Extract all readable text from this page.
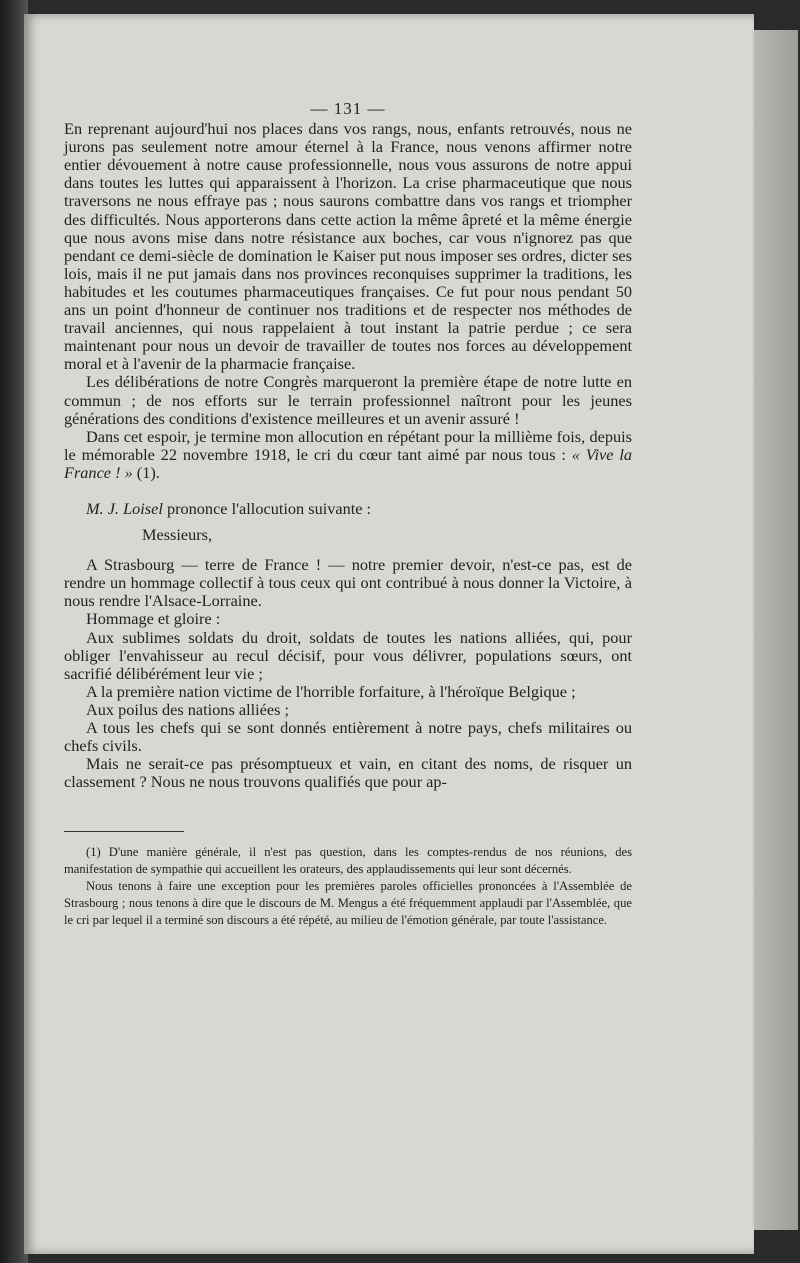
— 131 —

En reprenant aujourd'hui nos places dans vos rangs, nous, enfants retrouvés, nous ne jurons pas seulement notre amour éternel à la France, nous venons affirmer notre entier dévouement à notre cause professionnelle, nous vous assurons de notre appui dans toutes les luttes qui apparaissent à l'horizon. La crise pharmaceutique que nous traversons ne nous effraye pas ; nous saurons combattre dans vos rangs et triompher des difficultés. Nous apporterons dans cette action la même âpreté et la même énergie que nous avons mise dans notre résistance aux boches, car vous n'ignorez pas que pendant ce demi-siècle de domination le Kaiser put nous imposer ses ordres, dicter ses lois, mais il ne put jamais dans nos provinces reconquises supprimer la traditions, les habitudes et les coutumes pharmaceutiques françaises. Ce fut pour nous pendant 50 ans un point d'honneur de continuer nos traditions et de respecter nos méthodes de travail anciennes, qui nous rappelaient à tout instant la patrie perdue ; ce sera maintenant pour nous un devoir de travailler de toutes nos forces au développement moral et à l'avenir de la pharmacie française.

Les délibérations de notre Congrès marqueront la première étape de notre lutte en commun ; de nos efforts sur le terrain professionnel naîtront pour les jeunes générations des conditions d'existence meilleures et un avenir assuré !

Dans cet espoir, je termine mon allocution en répétant pour la millième fois, depuis le mémorable 22 novembre 1918, le cri du cœur tant aimé par nous tous : « Vive la France ! » (1).

M. J. Loisel prononce l'allocution suivante :

Messieurs,

A Strasbourg — terre de France ! — notre premier devoir, n'est-ce pas, est de rendre un hommage collectif à tous ceux qui ont contribué à nous donner la Victoire, à nous rendre l'Alsace-Lorraine.

Hommage et gloire :

Aux sublimes soldats du droit, soldats de toutes les nations alliées, qui, pour obliger l'envahisseur au recul décisif, pour vous délivrer, populations sœurs, ont sacrifié délibérément leur vie ;

A la première nation victime de l'horrible forfaiture, à l'héroïque Belgique ;

Aux poilus des nations alliées ;

A tous les chefs qui se sont donnés entièrement à notre pays, chefs militaires ou chefs civils.

Mais ne serait-ce pas présomptueux et vain, en citant des noms, de risquer un classement ? Nous ne nous trouvons qualifiés que pour ap-

(1) D'une manière générale, il n'est pas question, dans les comptes-rendus de nos réunions, des manifestation de sympathie qui accueillent les orateurs, des applaudissements qui leur sont décernés.

Nous tenons à faire une exception pour les premières paroles officielles prononcées à l'Assemblée de Strasbourg ; nous tenons à dire que le discours de M. Mengus a été fréquemment applaudi par l'Assemblée, que le cri par lequel il a terminé son discours a été répété, au milieu de l'émotion générale, par toute l'assistance.
